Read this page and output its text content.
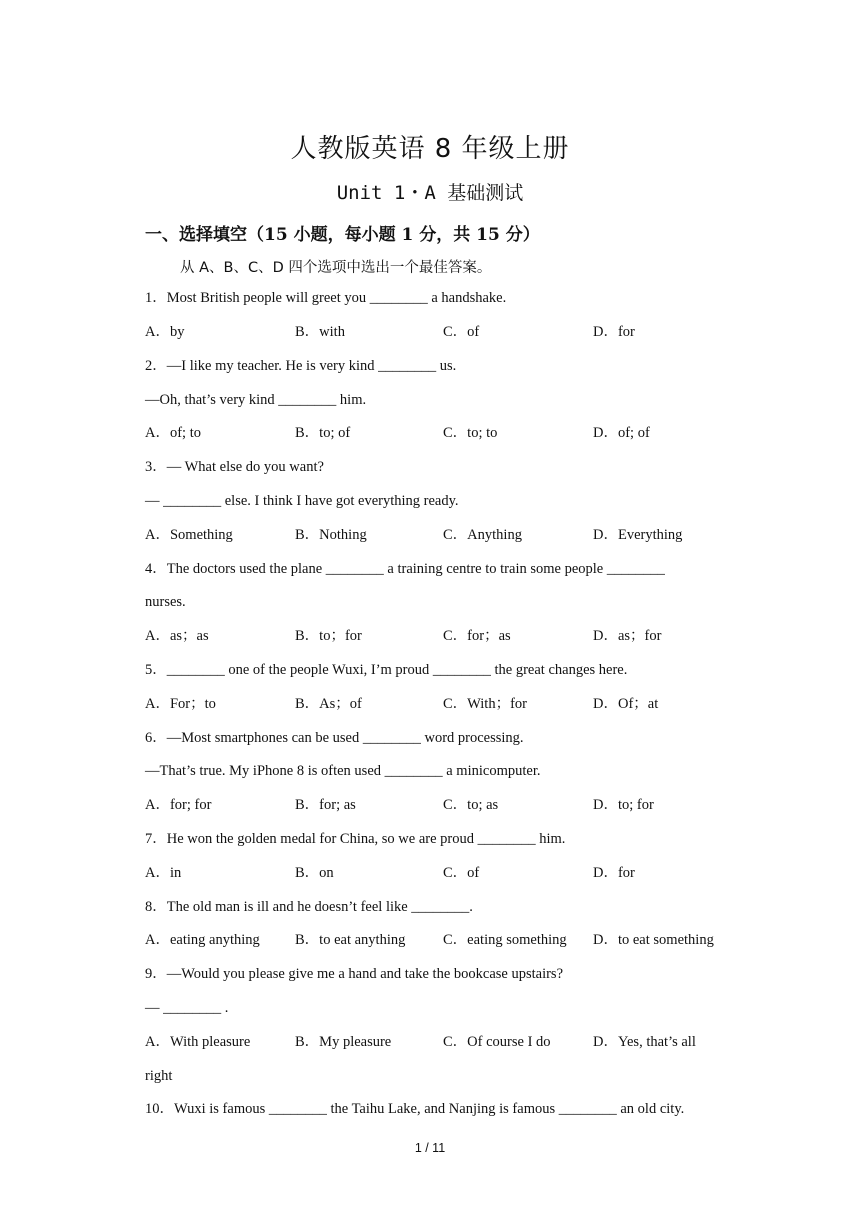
人教版英语 8 年级上册
Unit 1・A 基础测试
一、选择填空（15 小题，每小题 1 分，共 15 分）
从 A、B、C、D 四个选项中选出一个最佳答案。
1．Most British people will greet you ________ a handshake.
A．by	B．with	C．of	D．for
2．—I like my teacher. He is very kind ________ us.
—Oh, that’s very kind ________ him.
A．of; to	B．to; of	C．to; to	D．of; of
3．— What else do you want?
— ________ else. I think I have got everything ready.
A．Something	B．Nothing	C．Anything	D．Everything
4．The doctors used the plane ________ a training centre to train some people ________
nurses.
A．as；as	B．to；for	C．for；as	D．as；for
5．________ one of the people Wuxi, I’m proud ________ the great changes here.
A．For；to	B．As；of	C．With；for	D．Of；at
6．—Most smartphones can be used ________ word processing.
—That’s true. My iPhone 8 is often used ________ a minicomputer.
A．for; for	B．for; as	C．to; as	D．to; for
7．He won the golden medal for China, so we are proud ________ him.
A．in	B．on	C．of	D．for
8．The old man is ill and he doesn’t feel like ________.
A．eating anything B．to eat anything	C．eating something D．to eat something
9．—Would you please give me a hand and take the bookcase upstairs?
— ________ .
A．With pleasure	B．My pleasure	C．Of course I do	D．Yes, that’s all
right
10．Wuxi is famous ________ the Taihu Lake, and Nanjing is famous ________ an old city.
1 / 11
